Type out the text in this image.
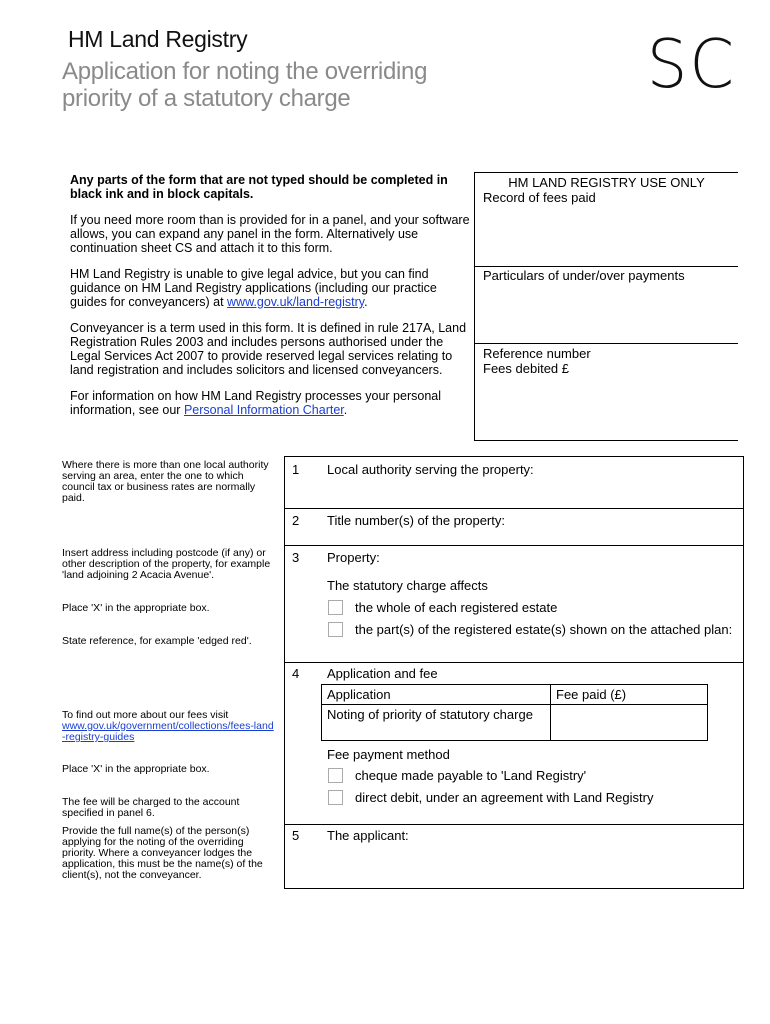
HM Land Registry
Application for noting the overriding
priority of a statutory charge	SC

Any parts of the form that are not typed should be completed in black ink and in block capitals.

If you need more room than is provided for in a panel, and your software allows, you can expand any panel in the form. Alternatively use continuation sheet CS and attach it to this form.

HM Land Registry is unable to give legal advice, but you can find guidance on HM Land Registry applications (including our practice guides for conveyancers) at www.gov.uk/land-registry.

Conveyancer is a term used in this form. It is defined in rule 217A, Land Registration Rules 2003 and includes persons authorised under the Legal Services Act 2007 to provide reserved legal services relating to land registration and includes solicitors and licensed conveyancers.

For information on how HM Land Registry processes your personal information, see our Personal Information Charter.

HM LAND REGISTRY USE ONLY
Record of fees paid
Particulars of under/over payments
Reference number
Fees debited £
Where there is more than one local authority serving an area, enter the one to which council tax or business rates are normally paid.
Insert address including postcode (if any) or other description of the property, for example 'land adjoining 2 Acacia Avenue'.
Place 'X' in the appropriate box.
State reference, for example 'edged red'.
To find out more about our fees visit
www.gov.uk/government/collections/fees-land-registry-guides
Place 'X' in the appropriate box.
The fee will be charged to the account specified in panel 6.
Provide the full name(s) of the person(s) applying for the noting of the overriding priority. Where a conveyancer lodges the application, this must be the name(s) of the client(s), not the conveyancer.
1 Local authority serving the property:
2 Title number(s) of the property:
3 Property:
The statutory charge affects
the whole of each registered estate
the part(s) of the registered estate(s) shown on the attached plan:
4 Application and fee
Application	Fee paid (£)
Noting of priority of statutory charge	
Fee payment method
cheque made payable to 'Land Registry'
direct debit, under an agreement with Land Registry
5 The applicant:
